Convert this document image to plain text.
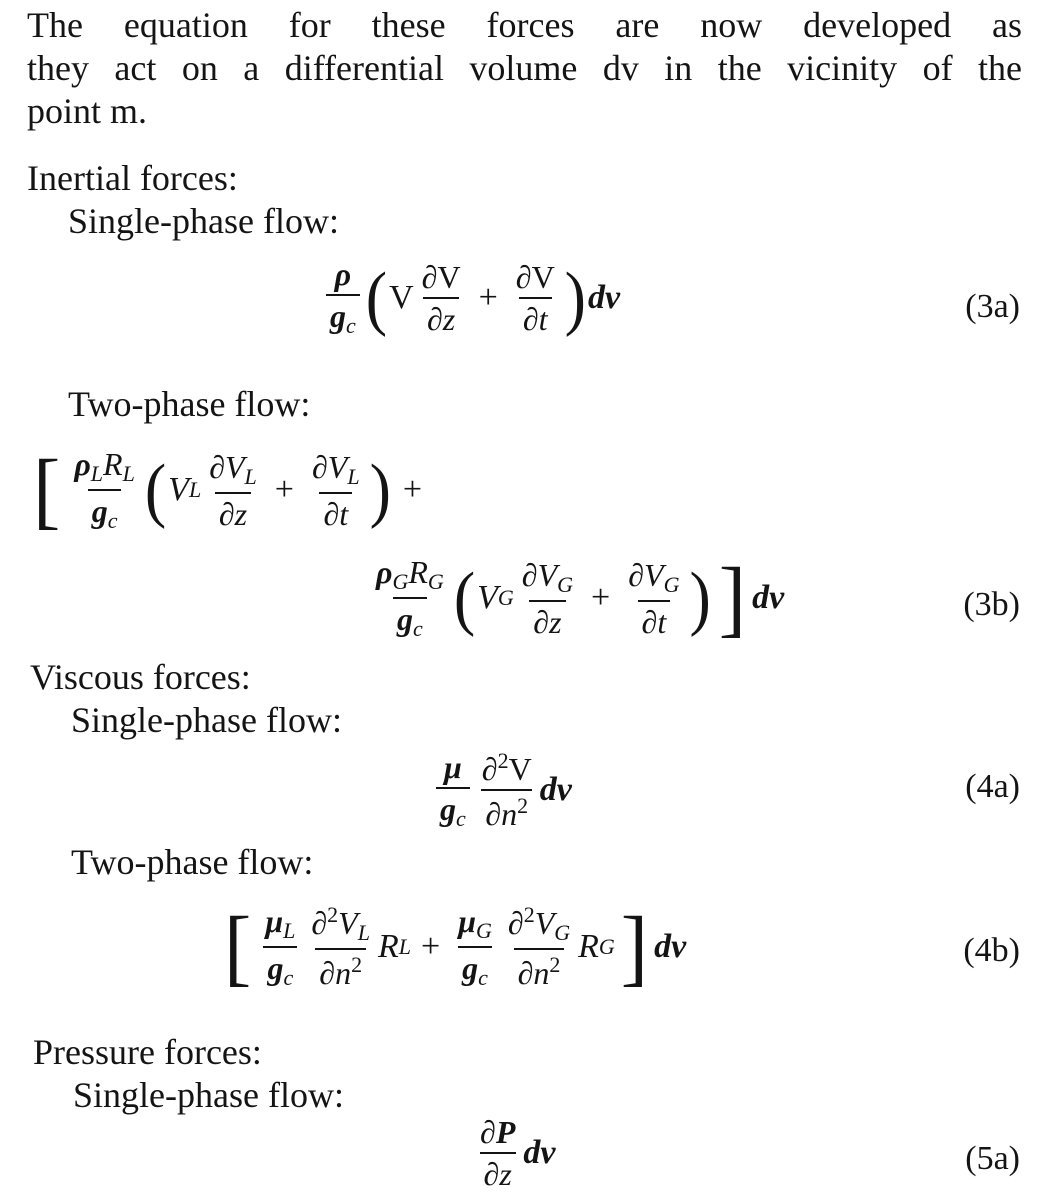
The equation for these forces are now developed as
they act on a differential volume dv in the vicinity of the
point m.
Inertial forces:
Single-phase flow:
$\frac{\rho}{gc}$ ( V $\frac{\partial V}{\partial z} + \frac{\partial V}{\partial t}$ ) dv	(3a)
Two-phase flow:
[ $\frac{\text{ρLRL}}{gc}$ ( V L $\frac{\partial VL}{\partial z} + \frac{\partial VL}{\partial t}$ ) +
$\frac{\text{ρGRG}}{gc}$ ( V G $\frac{\partial VG}{\partial z} + \frac{\partial VG}{\partial t}$ ) ] dv	(3b)
Viscous forces:
Single-phase flow:
$\frac{\mu}{gc} \frac{\partial^2V}{\partial n^2}$ dv	(4a)
Two-phase flow:
[ $\frac{\mu L}{gc} \frac{\partial^2VL}{\partial n^2}$ R $L + \frac{\mu G}{gc} \frac{\partial^2VG}{\partial n^2}$ R G ] dv	(4b)
Pressure forces:
Single-phase flow:
$\frac{\partial P}{\partial z}$ dv	(5a)
